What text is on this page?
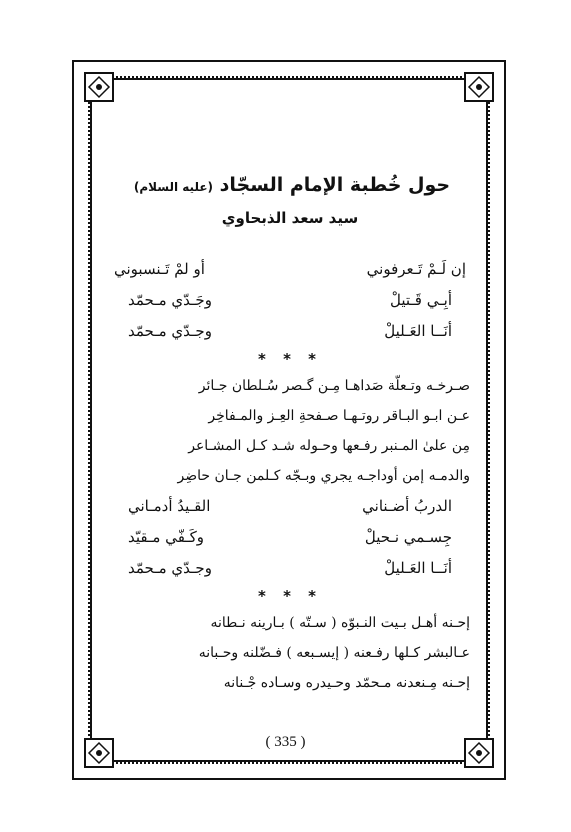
حول خُطبة الإمام السجّاد (عليه السلام)
سيد سعد الذبحاوي
إن لَـمْ تَـعرفوني
أو لمْ تَـنسبوني
أبِـي قَـتيلْ
وجَـدّي مـحمّد
أنَــا العَـليلْ
وجـدّي مـحمّد
* * *
صـرخـه وتـعلّة صَداهـا مِـن گـصر سُـلطان جـائر
عـن ابـو البـاقر روتـهـا صـفحةِ العِـز والمـفاخِر
مِن علىٰ المـنبر رفـعها وحـوله شـد كـل المشـاعر
والدمـه إمن أوداجـه يجري وبـجّه كـلمن جـان حاضِر
الدربُ أضـناني
القـيدُ أدمـاني
جِسـمي نـحيلْ
وكَـفّي مـقيّد
أنَــا العَـليلْ
وجـدّي مـحمّد
* * *
إحـنه أهـل بـيت النـبوّه ( سـتّه ) بـارينه نـطانه
عـالبشر كـلها رفـعنه ( إيسـبعه ) فـضّلنه وحـبانه
إحـنه مِـنعدنه مـحمّد وحـيدره وسـاده جْـنانه
( 335 )
